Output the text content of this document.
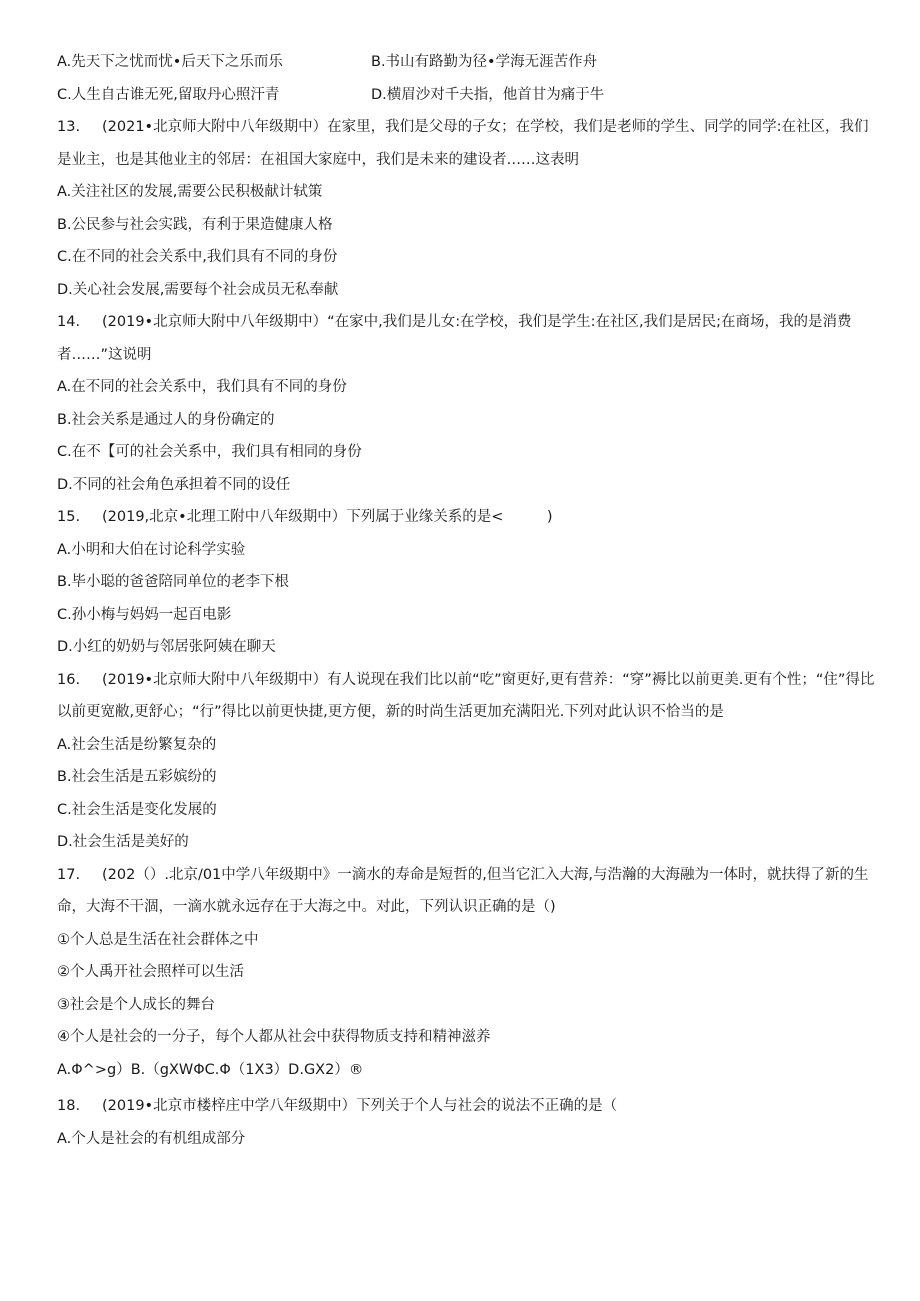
A.先天下之忧而忧•后天下之乐而乐	B.书山有路勤为径•学海无涯苦作舟
C.人生自古谁无死,留取丹心照汗青	D.横眉沙对千夫指，他首甘为痛于牛
13. (2021•北京师大附中八年级期中）在家里，我们是父母的子女；在学校，我们是老师的学生、同学的同学:在社区，我们是业主，也是其他业主的邻居：在祖国大家庭中，我们是未来的建设者……这表明
A.关注社区的发展,需要公民积极献计轼策
B.公民参与社会实践，有利于果造健康人格
C.在不同的社会关系中,我们具有不同的身份
D.关心社会发展,需要每个社会成员无私奉献
14. (2019•北京师大附中八年级期中）“在家中,我们是儿女:在学校，我们是学生:在社区,我们是居民;在商场，我的是消费者……”这说明
A.在不同的社会关系中，我们具有不同的身份
B.社会关系是通过人的身份确定的
C.在不【可的社会关系中，我们具有相同的身份
D.不同的社会角色承担着不同的设任
15. (2019,北京•北理工附中八年级期中）下列属于业缘关系的是<　　　)
A.小明和大伯在讨论科学实验
B.毕小聪的爸爸陪同单位的老李下根
C.孙小梅与妈妈一起百电影
D.小红的奶奶与邻居张阿姨在聊天
16. (2019•北京师大附中八年级期中）有人说现在我们比以前“吃”窗更好,更有营养：“穿”褥比以前更美.更有个性；“住”得比以前更宽敝,更舒心；“行”得比以前更快捷,更方便，新的时尚生活更加充满阳光.下列对此认识不恰当的是
A.社会生活是纷繁复杂的
B.社会生活是五彩嫔纷的
C.社会生活是变化发展的
D.社会生活是美好的
17. (202（）.北京/01中学八年级期中》一滴水的寿命是短哲的,但当它汇入大海,与浩瀚的大海融为一体时，就扶得了新的生命，大海不干涸，一滴水就永远存在于大海之中。对此，下列认识正确的是（)
①个人总是生活在社会群体之中
②个人禹开社会照样可以生活
③社会是个人成长的舞台
④个人是社会的一分子，每个人都从社会中获得物质支持和精神滋养
A.Φ^>g）B.（gXWΦC.Φ（1X3）D.GX2）®
18. (2019•北京市楼梓庄中学八年级期中）下列关于个人与社会的说法不正确的是（
A.个人是社会的有机组成部分
